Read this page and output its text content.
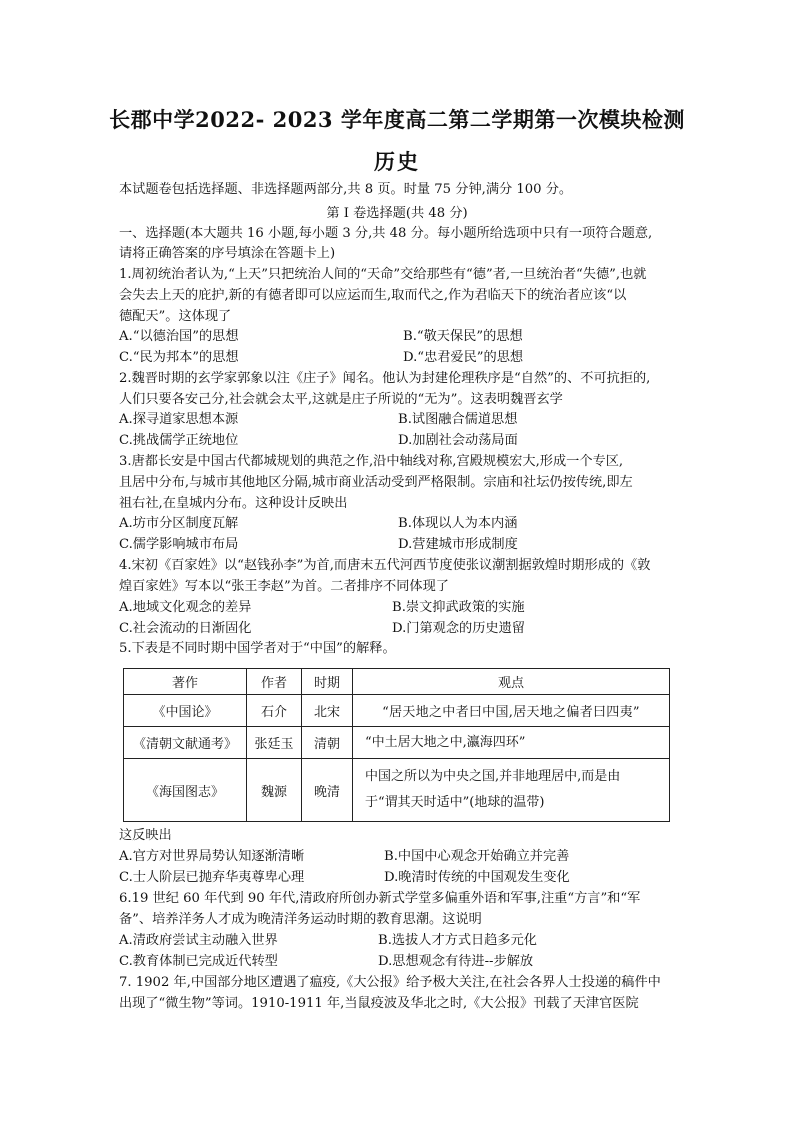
长郡中学2022- 2023 学年度高二第二学期第一次模块检测
历史
本试题卷包括选择题、非选择题两部分,共 8 页。时量 75 分钟,满分 100 分。
第 I 卷选择题(共 48 分)
一、选择题(本大题共 16 小题,每小题 3 分,共 48 分。每小题所给选项中只有一项符合题意,
请将正确答案的序号填涂在答题卡上)
1.周初统治者认为,“上天”只把统治人间的“天命”交给那些有“德”者,一旦统治者“失德”,也就
会失去上天的庇护,新的有德者即可以应运而生,取而代之,作为君临天下的统治者应该“以
德配天”。这体现了
A.“以德治国”的思想	B.“敬天保民”的思想
C.“民为邦本”的思想	D.“忠君爱民”的思想
2.魏晋时期的玄学家郭象以注《庄子》闻名。他认为封建伦理秩序是“自然”的、不可抗拒的,
人们只要各安己分,社会就会太平,这就是庄子所说的“无为”。这表明魏晋玄学
A.探寻道家思想本源	B.试图融合儒道思想
C.挑战儒学正统地位	D.加剧社会动荡局面
3.唐都长安是中国古代都城规划的典范之作,沿中轴线对称,宫殿规模宏大,形成一个专区,
且居中分布,与城市其他地区分隔,城市商业活动受到严格限制。宗庙和社坛仍按传统,即左
祖右社,在皇城内分布。这种设计反映出
A.坊市分区制度瓦解	B.体现以人为本内涵
C.儒学影响城市布局	D.营建城市形成制度
4.宋初《百家姓》以“赵钱孙李”为首,而唐末五代河西节度使张议潮割据敦煌时期形成的《敦
煌百家姓》写本以“张王李赵”为首。二者排序不同体现了
A.地域文化观念的差异	B.崇文抑武政策的实施
C.社会流动的日渐固化	D.门第观念的历史遗留
5.下表是不同时期中国学者对于“中国”的解释。
著作	作者	时期	观点
《中国论》	石介	北宋	“居天地之中者曰中国,居天地之偏者曰四夷”
《清朝文献通考》	张廷玉	清朝	“中土居大地之中,瀛海四环”
《海国图志》	魏源	晚清	中国之所以为中央之国,并非地理居中,而是由
于“谓其天时适中”(地球的温带)
这反映出
A.官方对世界局势认知逐渐清晰	B.中国中心观念开始确立并完善
C.士人阶层已抛弃华夷尊卑心理	D.晚清时传统的中国观发生变化
6.19 世纪 60 年代到 90 年代,清政府所创办新式学堂多偏重外语和军事,注重“方言”和“军
备”、培养洋务人才成为晚清洋务运动时期的教育思潮。这说明
A.清政府尝试主动融入世界	B.选拔人才方式日趋多元化
C.教育体制已完成近代转型	D.思想观念有待进--步解放
7. 1902 年,中国部分地区遭遇了瘟疫,《大公报》给予极大关注,在社会各界人士投递的稿件中
出现了“微生物”等词。1910-1911 年,当鼠疫波及华北之时,《大公报》刊载了天津官医院
